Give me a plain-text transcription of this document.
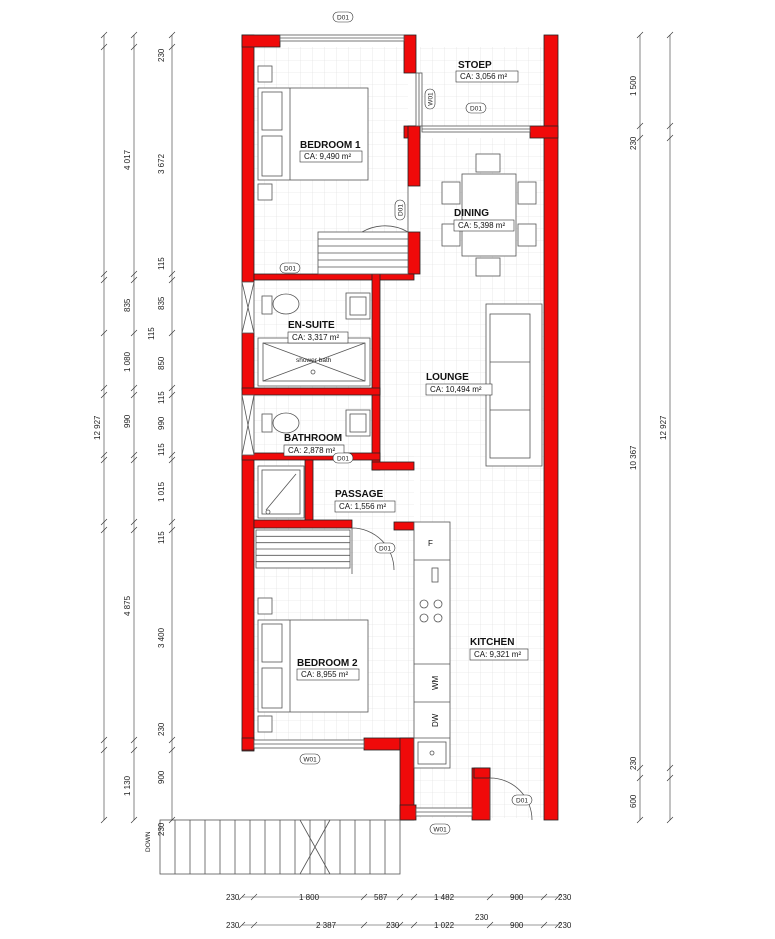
DOWN
STOEP
CA: 3,056 m²
BEDROOM 1
CA: 9,490 m²
DINING
CA: 5,398 m²
EN-SUITE
CA: 3,317 m²
shower bath
LOUNGE
CA: 10,494 m²
BATHROOM
CA: 2,878 m²
PASSAGE
CA: 1,556 m²
KITCHEN
CA: 9,321 m²
BEDROOM 2
CA: 8,955 m²
F
WM
DW
D01
D01
D01
D01
D01
D01
W01
W01
W01
D01
12 927
4 017
835
1 080
990
4 875
1 130
115
230
3 672
115
835
850
115
990
115
1 015
115
3 400
230
900
230
1 500
230
10 367
230
600
12 927
230	1 800	587	1 482	900	230
230
230	2 387	230	1 022	900	230
